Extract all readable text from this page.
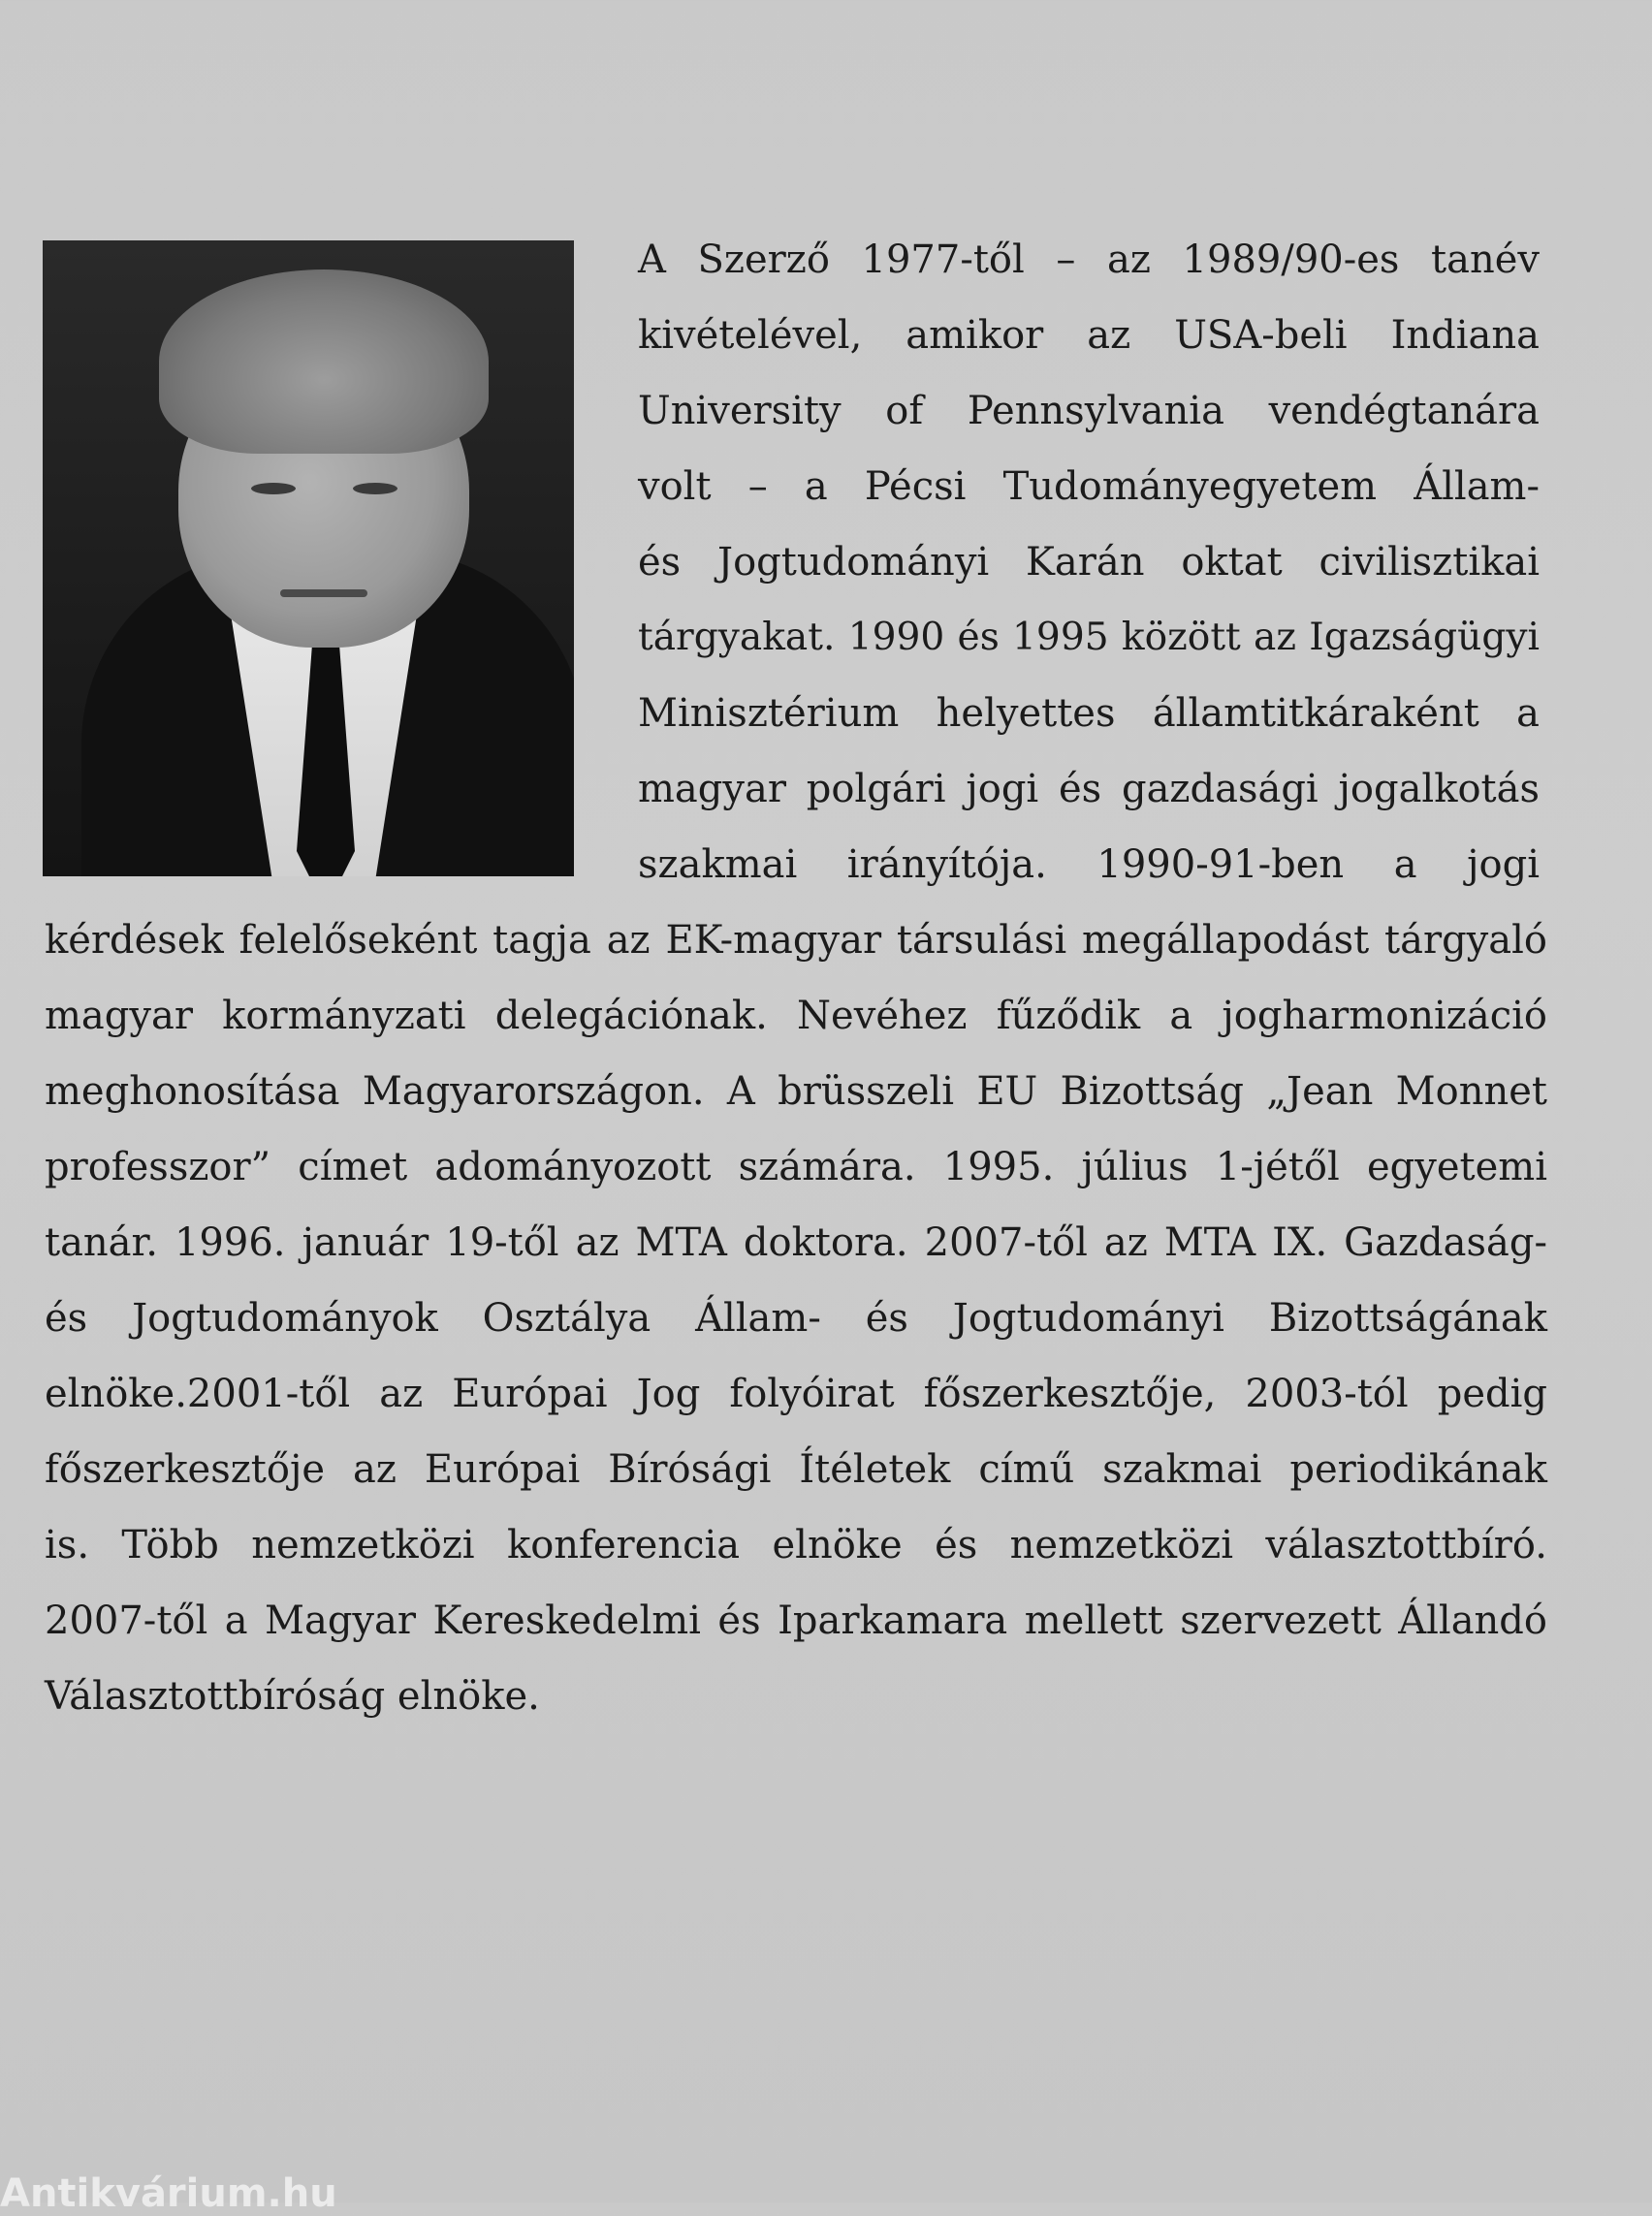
A Szerző 1977-től – az 1989/90-es tanév
kivételével, amikor az USA-beli Indiana
University of Pennsylvania vendégtanára
volt – a Pécsi Tudományegyetem Állam-
és Jogtudományi Karán oktat civilisztikai
tárgyakat. 1990 és 1995 között az Igazságügyi
Minisztérium helyettes államtitkáraként a
magyar polgári jogi és gazdasági jogalkotás
szakmai irányítója. 1990-91-ben a jogi
kérdések felelőseként tagja az EK-magyar társulási megállapodást tárgyaló
magyar kormányzati delegációnak. Nevéhez fűződik a jogharmonizáció
meghonosítása Magyarországon. A brüsszeli EU Bizottság „Jean Monnet
professzor” címet adományozott számára. 1995. július 1-jétől egyetemi
tanár. 1996. január 19-től az MTA doktora. 2007-től az MTA IX. Gazdaság-
és Jogtudományok Osztálya Állam- és Jogtudományi Bizottságának
elnöke.2001-től az Európai Jog folyóirat főszerkesztője, 2003-tól pedig
főszerkesztője az Európai Bírósági Ítéletek című szakmai periodikának
is. Több nemzetközi konferencia elnöke és nemzetközi választottbíró.
2007-től a Magyar Kereskedelmi és Iparkamara mellett szervezett Állandó
Választottbíróság elnöke.
Antikvárium.hu
